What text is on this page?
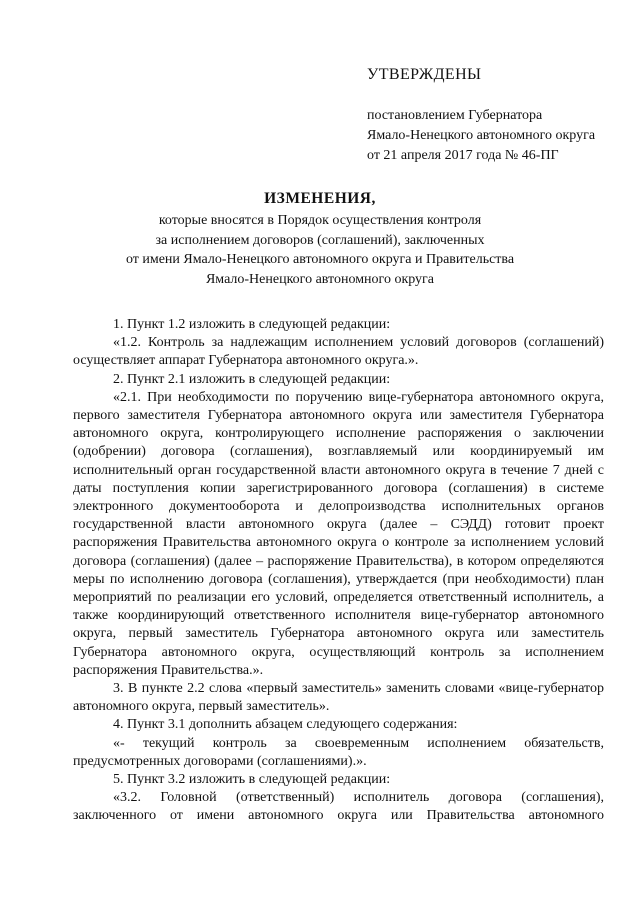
УТВЕРЖДЕНЫ
постановлением Губернатора
Ямало-Ненецкого автономного округа
от 21 апреля 2017 года № 46-ПГ
ИЗМЕНЕНИЯ,
которые вносятся в Порядок осуществления контроля
за исполнением договоров (соглашений), заключенных
от имени Ямало-Ненецкого автономного округа и Правительства
Ямало-Ненецкого автономного округа

1. Пункт 1.2 изложить в следующей редакции:

«1.2. Контроль за надлежащим исполнением условий договоров (соглашений) осуществляет аппарат Губернатора автономного округа.».

2. Пункт 2.1 изложить в следующей редакции:

«2.1. При необходимости по поручению вице-губернатора автономного округа, первого заместителя Губернатора автономного округа или заместителя Губернатора автономного округа, контролирующего исполнение распоряжения о заключении (одобрении) договора (соглашения), возглавляемый или координируемый им исполнительный орган государственной власти автономного округа в течение 7 дней с даты поступления копии зарегистрированного договора (соглашения) в системе электронного документооборота и делопроизводства исполнительных органов государственной власти автономного округа (далее – СЭДД) готовит проект распоряжения Правительства автономного округа о контроле за исполнением условий договора (соглашения) (далее – распоряжение Правительства), в котором определяются меры по исполнению договора (соглашения), утверждается (при необходимости) план мероприятий по реализации его условий, определяется ответственный исполнитель, а также координирующий ответственного исполнителя вице-губернатор автономного округа, первый заместитель Губернатора автономного округа или заместитель Губернатора автономного округа, осуществляющий контроль за исполнением распоряжения Правительства.».

3. В пункте 2.2 слова «первый заместитель» заменить словами «вице-губернатор автономного округа, первый заместитель».

4. Пункт 3.1 дополнить абзацем следующего содержания:

«- текущий контроль за своевременным исполнением обязательств, предусмотренных договорами (соглашениями).».

5. Пункт 3.2 изложить в следующей редакции:

«3.2. Головной (ответственный) исполнитель договора (соглашения), заключенного от имени автономного округа или Правительства автономного
